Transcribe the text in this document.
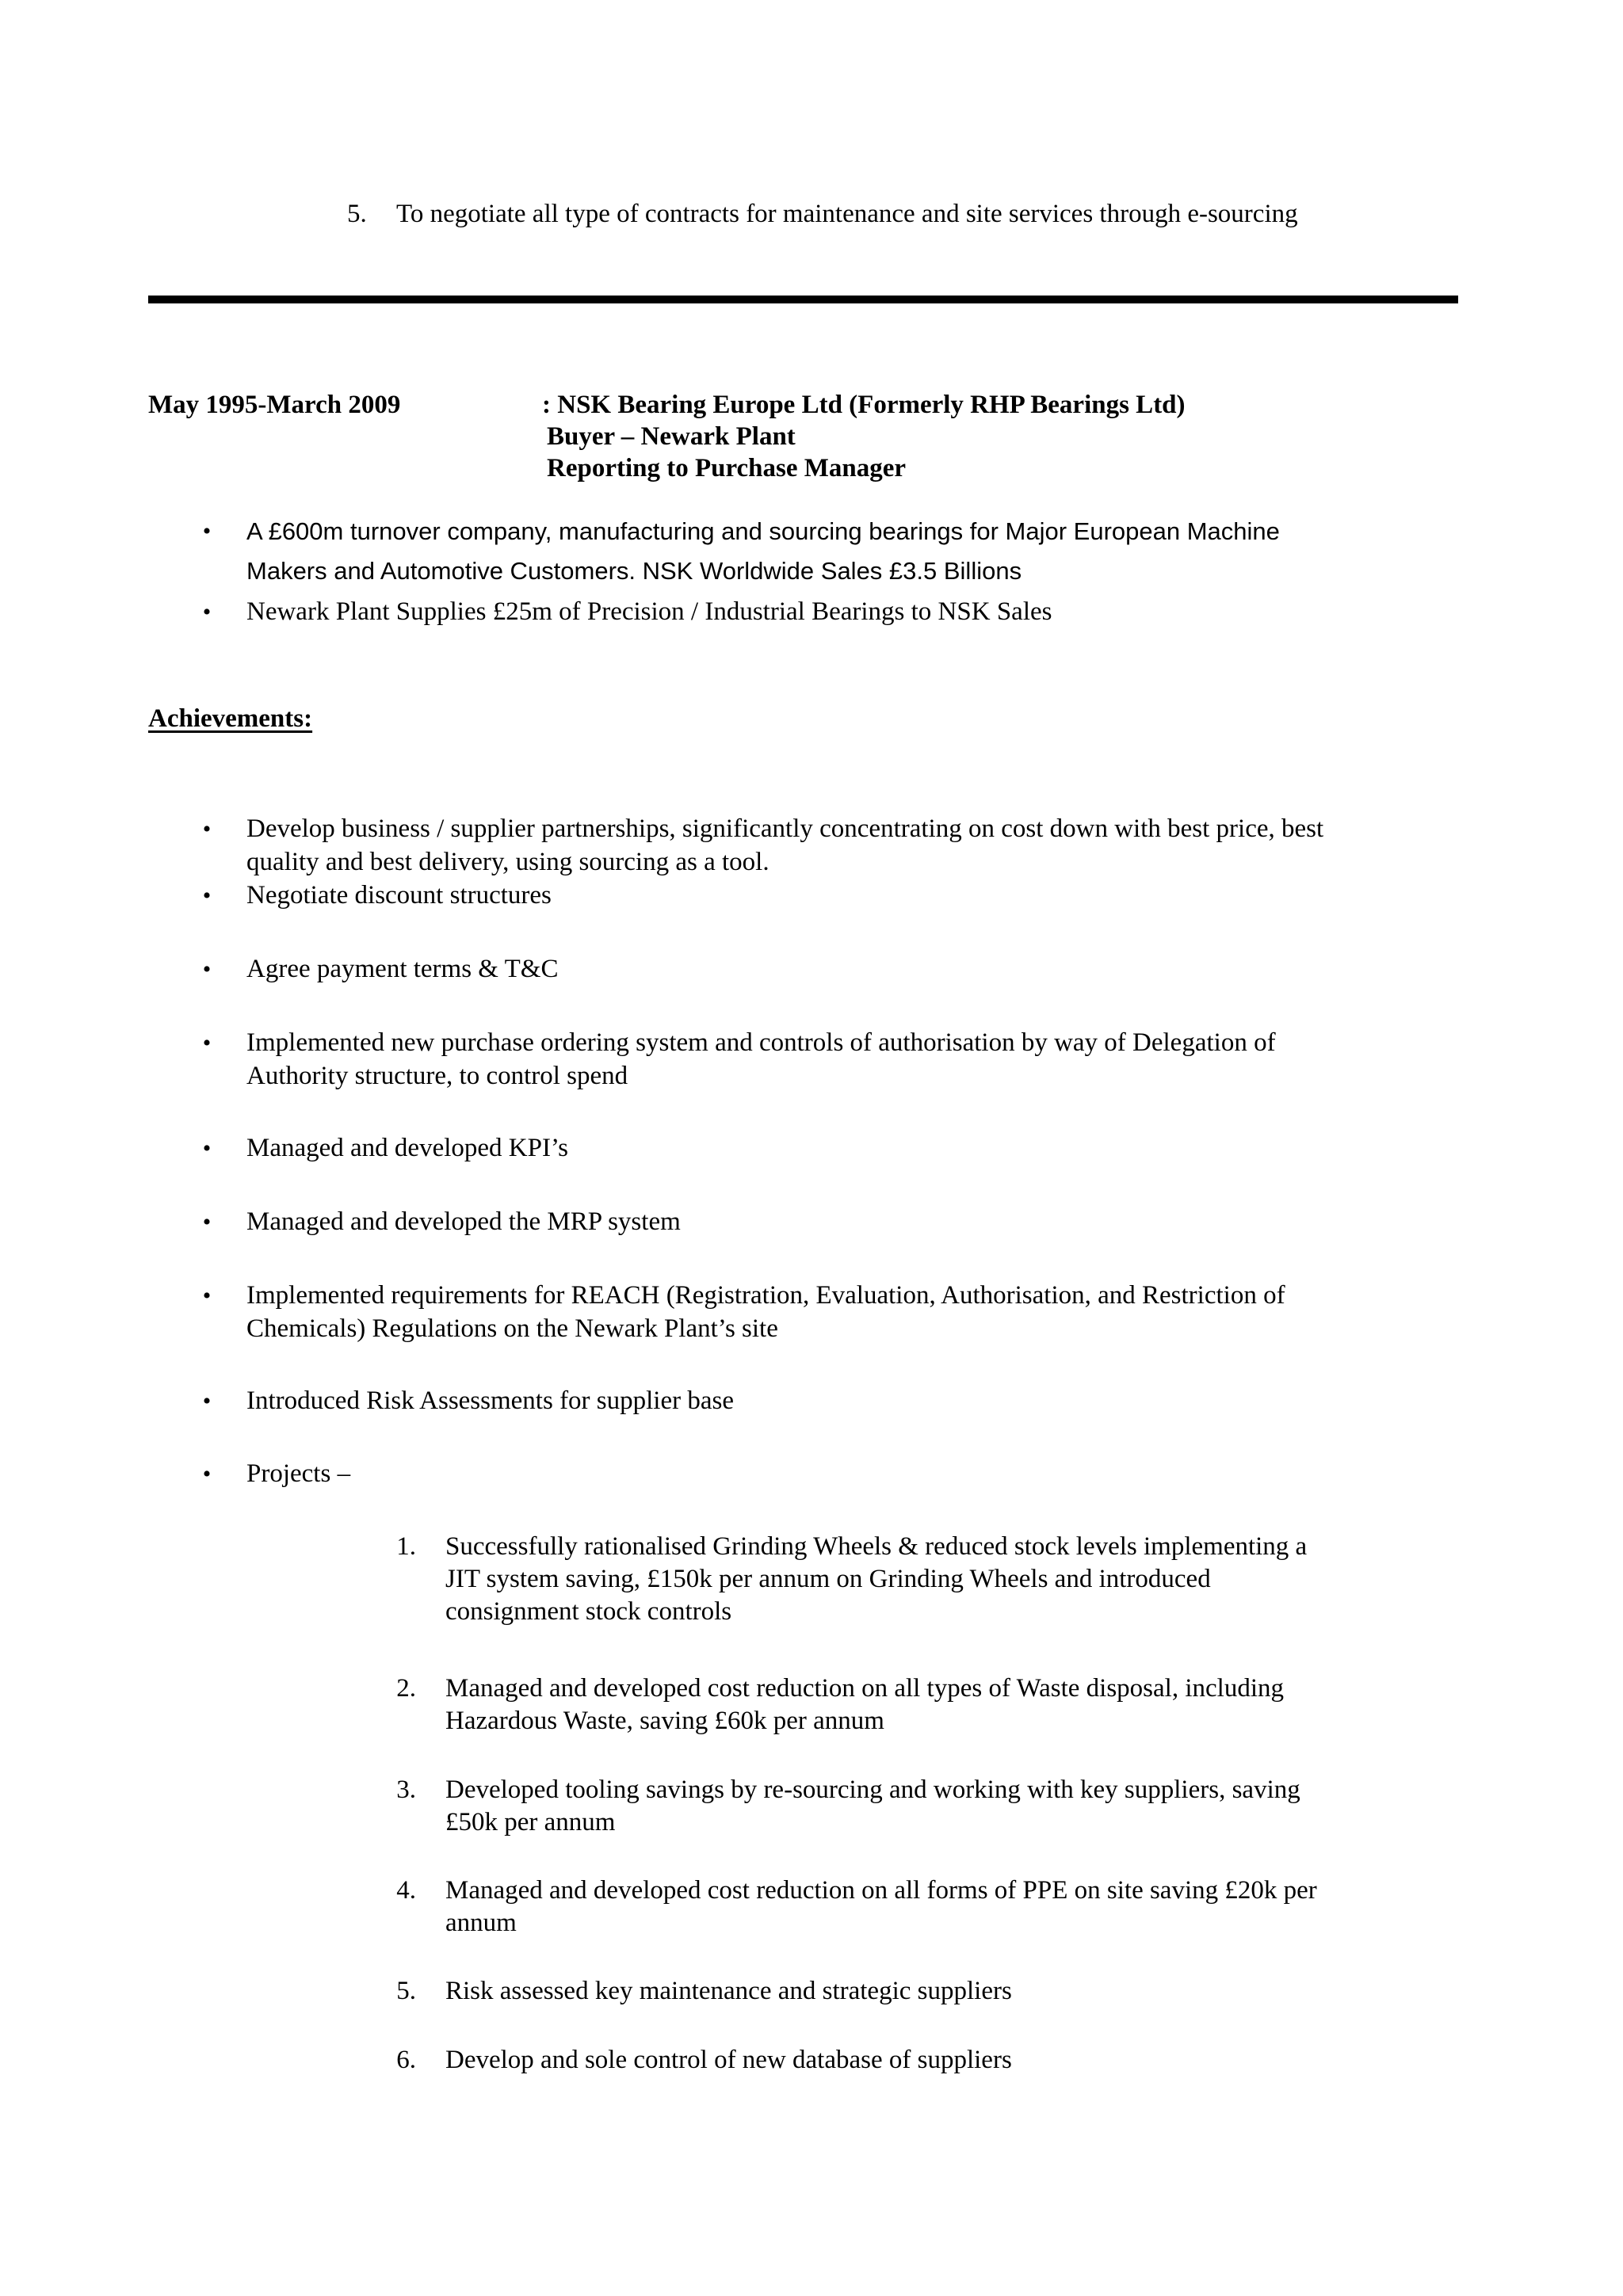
5. To negotiate all type of contracts for maintenance and site services through e-sourcing
May 1995-March 2009	: NSK Bearing Europe Ltd (Formerly RHP Bearings Ltd)
Buyer – Newark Plant
Reporting to Purchase Manager
• A £600m turnover company, manufacturing and sourcing bearings for Major European Machine
Makers and Automotive Customers. NSK Worldwide Sales £3.5 Billions
• Newark Plant Supplies £25m of Precision / Industrial Bearings to NSK Sales
Achievements:
• Develop business / supplier partnerships, significantly concentrating on cost down with best price, best
quality and best delivery, using sourcing as a tool.
• Negotiate discount structures
• Agree payment terms & T&C
• Implemented new purchase ordering system and controls of authorisation by way of Delegation of
Authority structure, to control spend
• Managed and developed KPI’s
• Managed and developed the MRP system
• Implemented requirements for REACH (Registration, Evaluation, Authorisation, and Restriction of
Chemicals) Regulations on the Newark Plant’s site
• Introduced Risk Assessments for supplier base
• Projects –
1. Successfully rationalised Grinding Wheels & reduced stock levels implementing a
JIT system saving, £150k per annum on Grinding Wheels and introduced
consignment stock controls
2. Managed and developed cost reduction on all types of Waste disposal, including
Hazardous Waste, saving £60k per annum
3. Developed tooling savings by re-sourcing and working with key suppliers, saving
£50k per annum
4. Managed and developed cost reduction on all forms of PPE on site saving £20k per
annum
5. Risk assessed key maintenance and strategic suppliers
6. Develop and sole control of new database of suppliers
